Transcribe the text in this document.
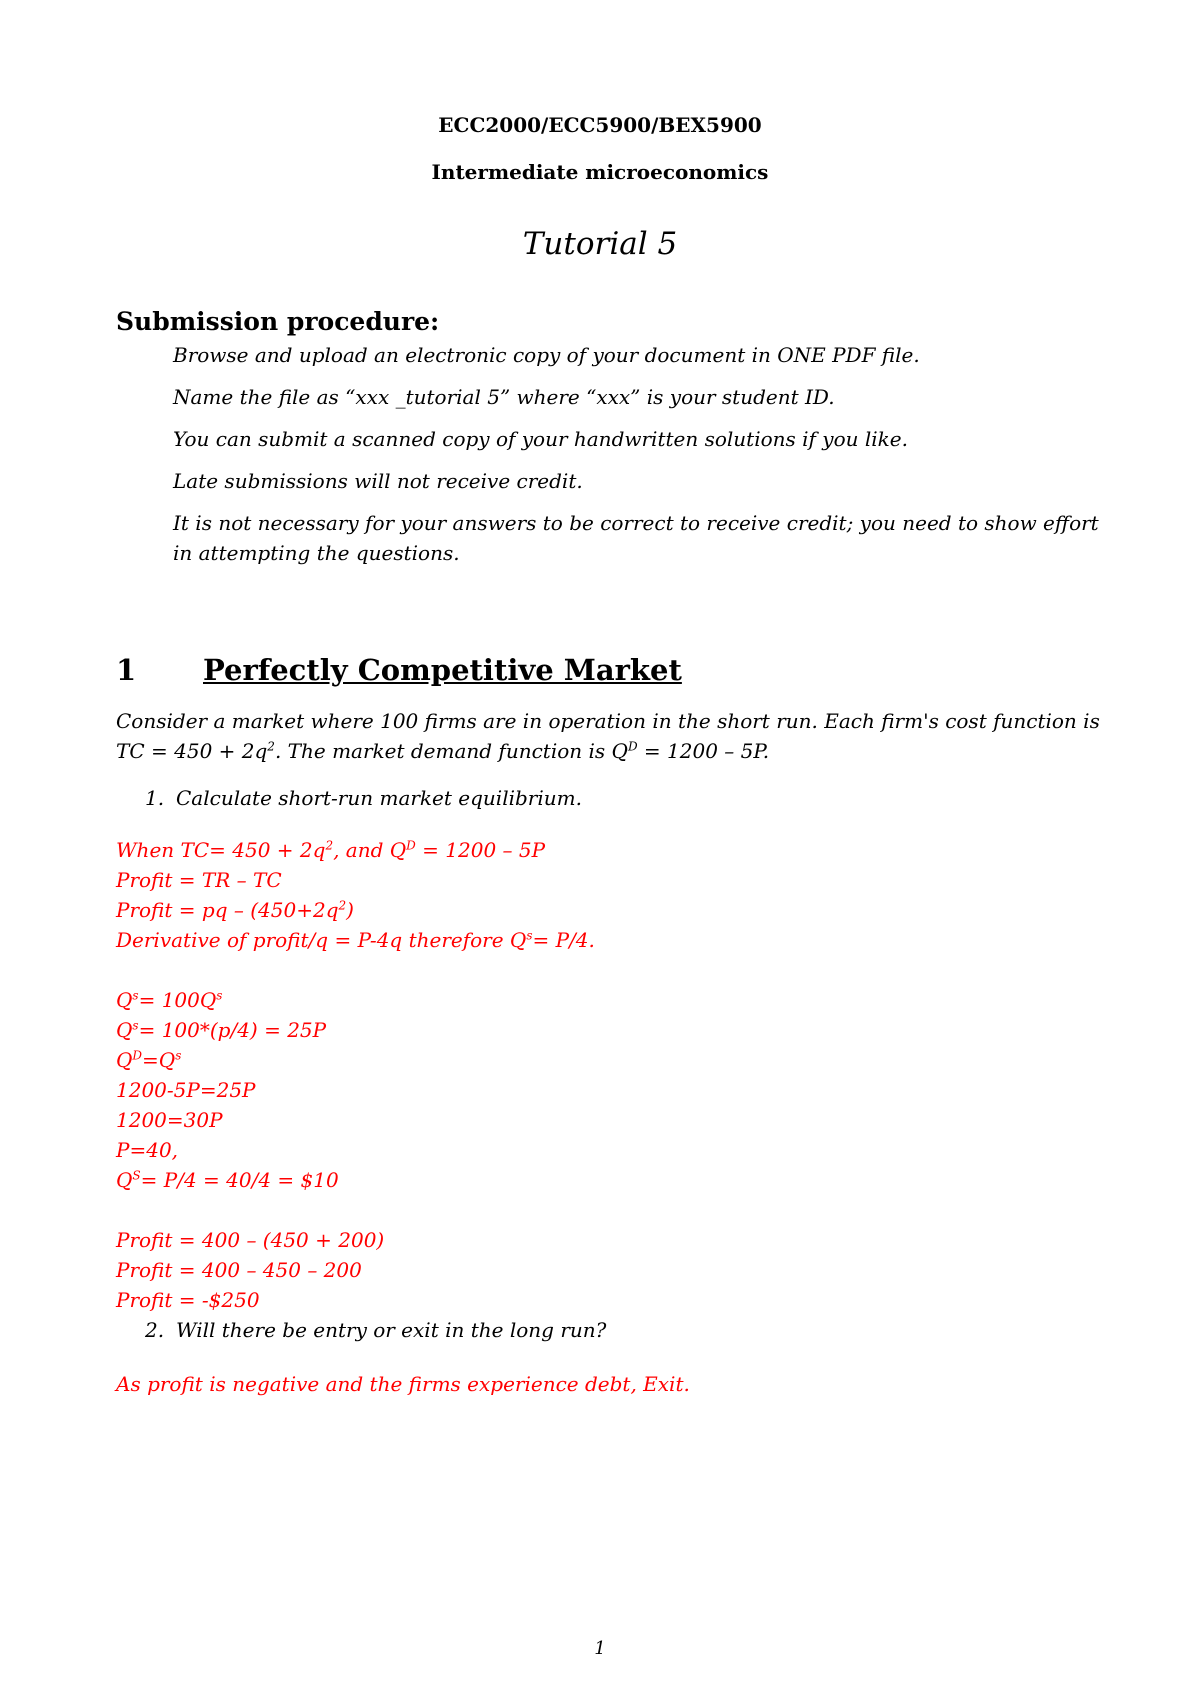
ECC2000/ECC5900/BEX5900
Intermediate microeconomics
Tutorial 5
Submission procedure:
Browse and upload an electronic copy of your document in ONE PDF file.
Name the file as “xxx _tutorial 5” where “xxx” is your student ID.
You can submit a scanned copy of your handwritten solutions if you like.
Late submissions will not receive credit.
It is not necessary for your answers to be correct to receive credit; you need to show effort in attempting the questions.
1 Perfectly Competitive Market
Consider a market where 100 firms are in operation in the short run. Each firm's cost function is
TC = $450 + 2q^2$. The market demand function is $Q^D = 1200 - 5P$.
1. Calculate short-run market equilibrium.
When $TC= 450 + 2q^2$, and $Q^D = 1200 - 5P$
Profit = TR – TC
Profit = pq – $(450+2q^2)$
Derivative of profit/q = P-4q therefore $Q^s= P/4$.
$Q^s= 100Q^s$
$Q^s= 100*(p/4) = 25P$
$Q^D=Q^s$
1200-5P=25P
1200=30P
P=40,
$Q^S= P/4 = 40/4$ = $10
Profit = 400 – (450 + 200)
Profit = 400 – 450 – 200
Profit = -$250
2. Will there be entry or exit in the long run?
As profit is negative and the firms experience debt, Exit.
1
